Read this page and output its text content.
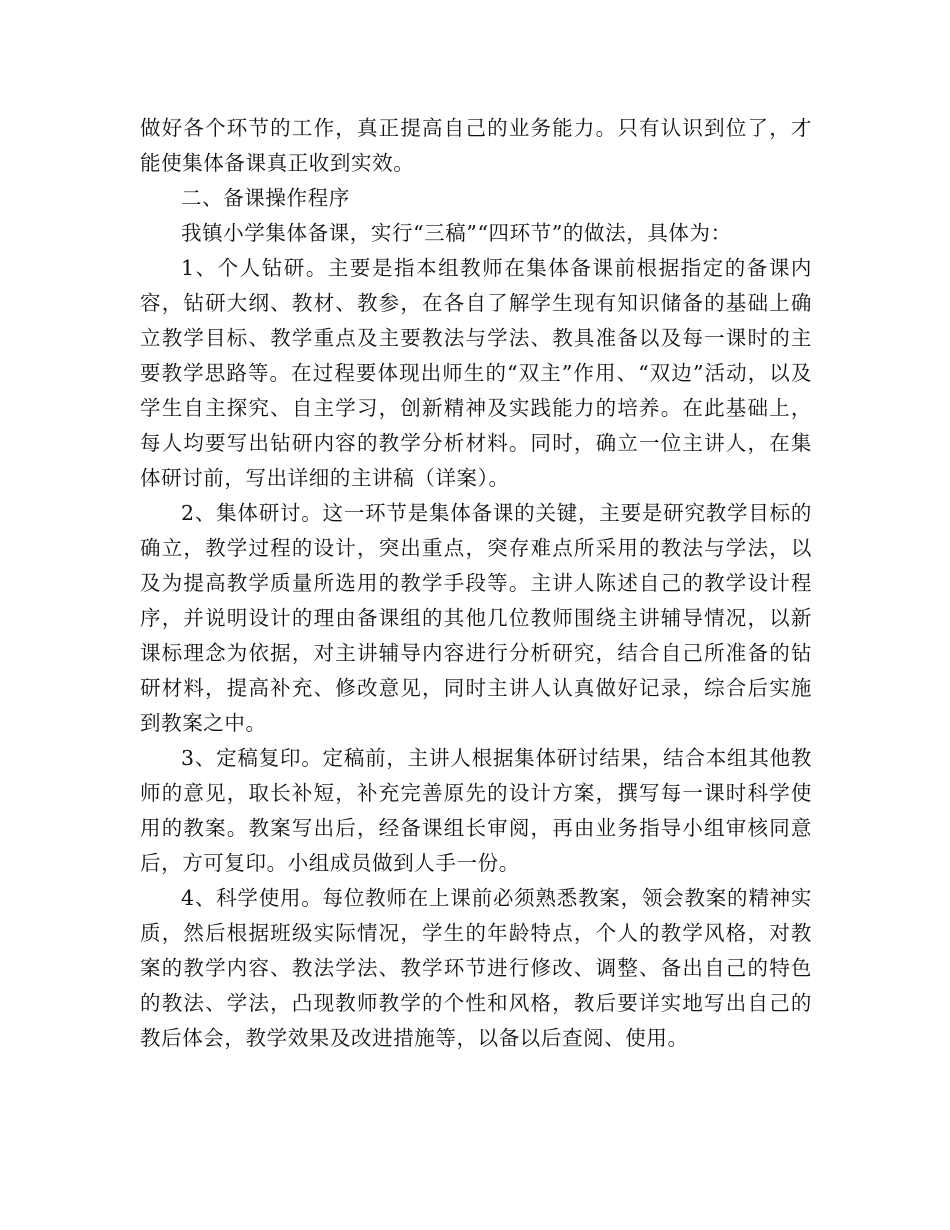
做好各个环节的工作，真正提高自己的业务能力。只有认识到位了，才能使集体备课真正收到实效。

二、备课操作程序

我镇小学集体备课，实行“三稿”“四环节”的做法，具体为：

1、个人钻研。主要是指本组教师在集体备课前根据指定的备课内容，钻研大纲、教材、教参，在各自了解学生现有知识储备的基础上确立教学目标、教学重点及主要教法与学法、教具准备以及每一课时的主要教学思路等。在过程要体现出师生的“双主”作用、“双边”活动，以及学生自主探究、自主学习，创新精神及实践能力的培养。在此基础上，每人均要写出钻研内容的教学分析材料。同时，确立一位主讲人，在集体研讨前，写出详细的主讲稿（详案）。

2、集体研讨。这一环节是集体备课的关键，主要是研究教学目标的确立，教学过程的设计，突出重点，突存难点所采用的教法与学法，以及为提高教学质量所选用的教学手段等。主讲人陈述自己的教学设计程序，并说明设计的理由备课组的其他几位教师围绕主讲辅导情况，以新课标理念为依据，对主讲辅导内容进行分析研究，结合自己所准备的钻研材料，提高补充、修改意见，同时主讲人认真做好记录，综合后实施到教案之中。

3、定稿复印。定稿前，主讲人根据集体研讨结果，结合本组其他教师的意见，取长补短，补充完善原先的设计方案，撰写每一课时科学使用的教案。教案写出后，经备课组长审阅，再由业务指导小组审核同意后，方可复印。小组成员做到人手一份。

4、科学使用。每位教师在上课前必须熟悉教案，领会教案的精神实质，然后根据班级实际情况，学生的年龄特点，个人的教学风格，对教案的教学内容、教法学法、教学环节进行修改、调整、备出自己的特色的教法、学法，凸现教师教学的个性和风格，教后要详实地写出自己的教后体会，教学效果及改进措施等，以备以后查阅、使用。
